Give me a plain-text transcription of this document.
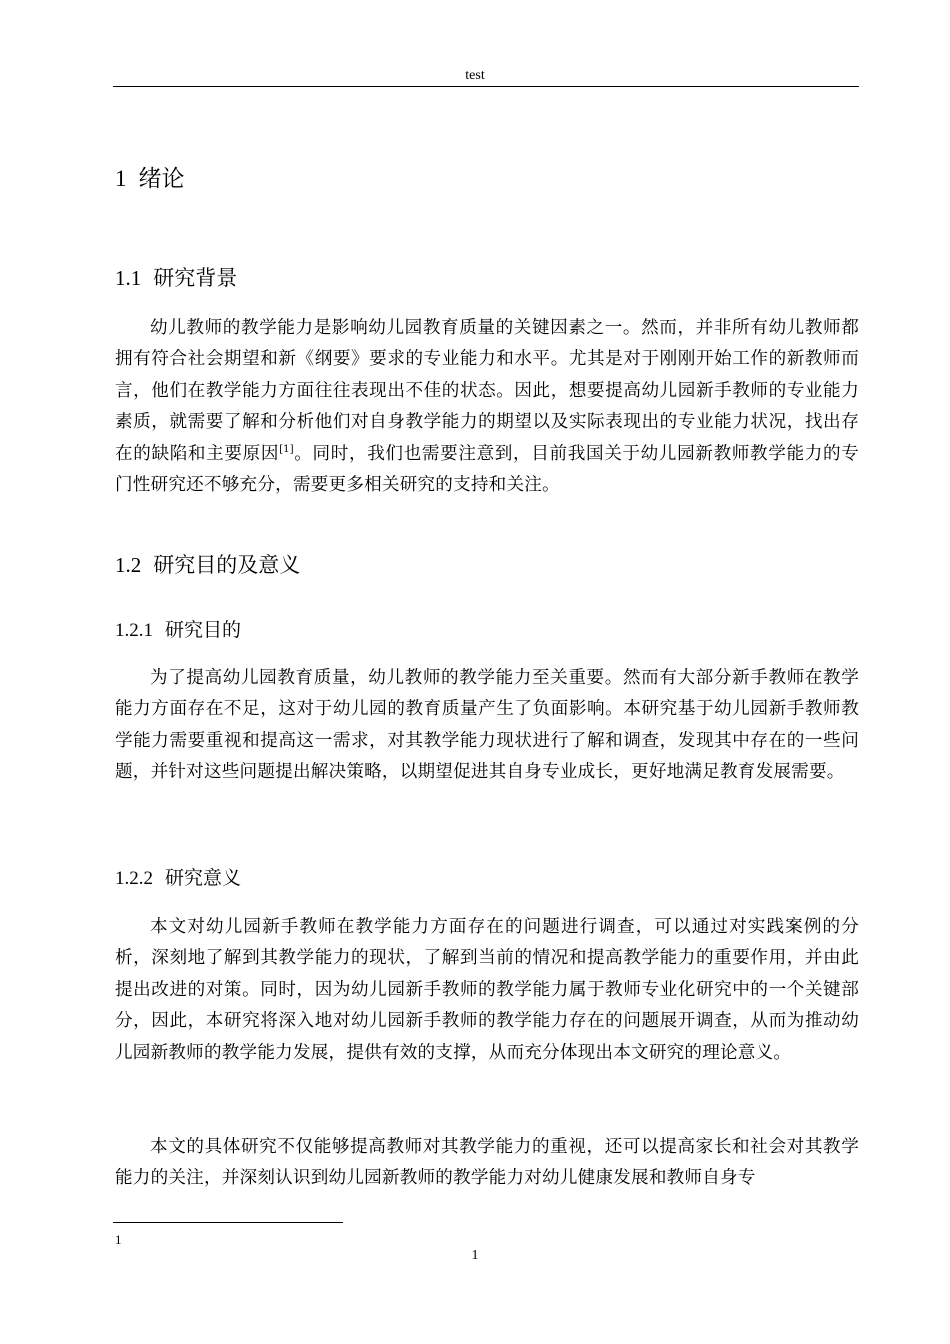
test
1 绪论
1.1 研究背景

幼儿教师的教学能力是影响幼儿园教育质量的关键因素之一。然而，并非所有幼儿教师都拥有符合社会期望和新《纲要》要求的专业能力和水平。尤其是对于刚刚开始工作的新教师而言，他们在教学能力方面往往表现出不佳的状态。因此，想要提高幼儿园新手教师的专业能力素质，就需要了解和分析他们对自身教学能力的期望以及实际表现出的专业能力状况，找出存在的缺陷和主要原因[1]。同时，我们也需要注意到，目前我国关于幼儿园新教师教学能力的专门性研究还不够充分，需要更多相关研究的支持和关注。

1.2 研究目的及意义
1.2.1 研究目的

为了提高幼儿园教育质量，幼儿教师的教学能力至关重要。然而有大部分新手教师在教学能力方面存在不足，这对于幼儿园的教育质量产生了负面影响。本研究基于幼儿园新手教师教学能力需要重视和提高这一需求，对其教学能力现状进行了解和调查，发现其中存在的一些问题，并针对这些问题提出解决策略，以期望促进其自身专业成长，更好地满足教育发展需要。

1.2.2 研究意义

本文对幼儿园新手教师在教学能力方面存在的问题进行调查，可以通过对实践案例的分析，深刻地了解到其教学能力的现状，了解到当前的情况和提高教学能力的重要作用，并由此提出改进的对策。同时，因为幼儿园新手教师的教学能力属于教师专业化研究中的一个关键部分，因此，本研究将深入地对幼儿园新手教师的教学能力存在的问题展开调查，从而为推动幼儿园新教师的教学能力发展，提供有效的支撑，从而充分体现出本文研究的理论意义。

本文的具体研究不仅能够提高教师对其教学能力的重视，还可以提高家长和社会对其教学能力的关注，并深刻认识到幼儿园新教师的教学能力对幼儿健康发展和教师自身专

1
1
